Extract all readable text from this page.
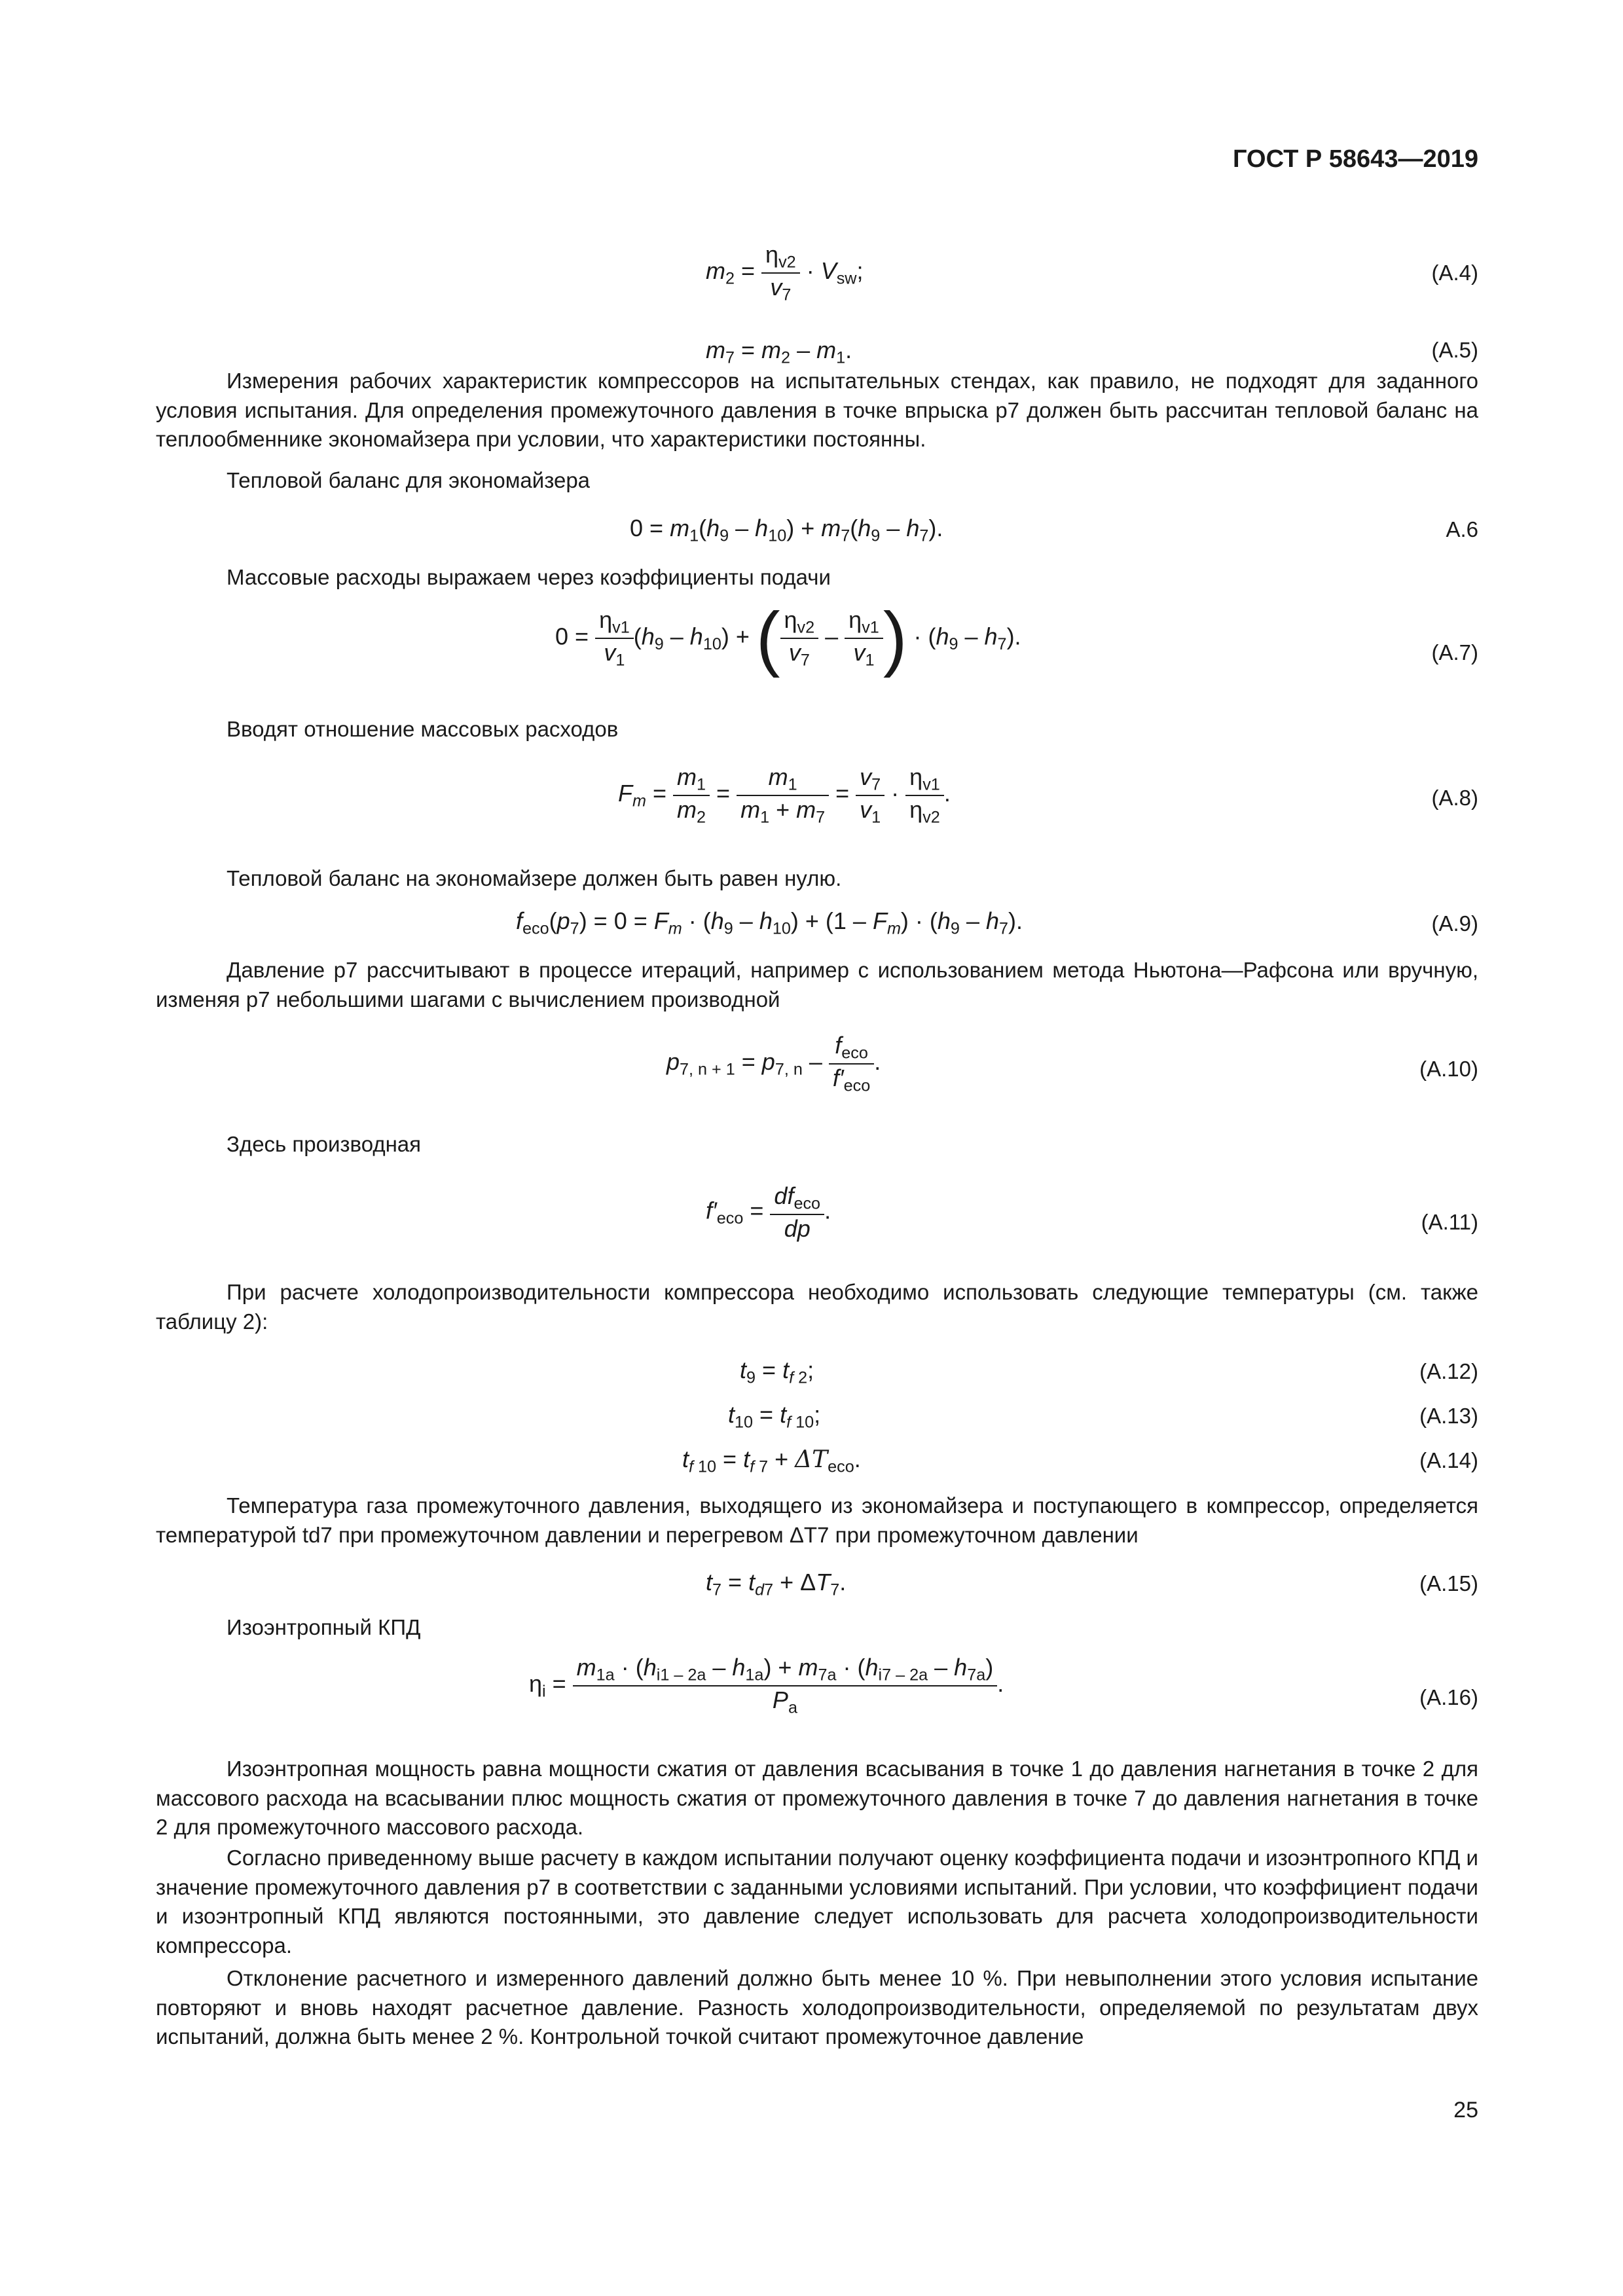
ГОСТ Р 58643—2019
$m_2 = \frac{\eta_{v2}}{v_7} \cdot V_{sw}$;	(A.4)
$m_7 = m_2 - m_1$.	(A.5)

Измерения рабочих характеристик компрессоров на испытательных стендах, как правило, не подходят для заданного условия испытания. Для определения промежуточного давления в точке впрыска p7 должен быть рассчитан тепловой баланс на теплообменнике экономайзера при условии, что характеристики постоянны.

Тепловой баланс для экономайзера

$0 = m_1(h_9 - h_{10}) + m_7(h_9 - h_7)$.	A.6

Массовые расходы выражаем через коэффициенты подачи

$0 = \frac{\eta_{v1}}{v_1} (h_9 - h_{10})$ + ( $\frac{\eta_{v2}}{v_7} - \frac{\eta_{v1}}{v_1}$ ) · $(h_9 - h_7)$.
(A.7)

Вводят отношение массовых расходов

$F_m = \frac{m_1}{m_2} = \frac{m_1}{m_1 + m_7} = \frac{v_7}{v_1} \cdot \frac{\eta_{v1}}{\eta_{v2}}$ .	(A.8)

Тепловой баланс на экономайзере должен быть равен нулю.

$f_{eco}(p_7) = 0 = F_m \cdot (h_9 - h_{10}) + (1 - F_m) \cdot (h_9 - h_7)$.	(A.9)

Давление p7 рассчитывают в процессе итераций, например с использованием метода Ньютона—Рафсона или вручную, изменяя p7 небольшими шагами с вычислением производной

$p_{7, n + 1} = p_{7, n} - \frac{f_{eco}}{f'_{eco}}$ .	(A.10)

Здесь производная

$f'_{eco} = \frac{df_{eco}}{dp}$ .	(A.11)

При расчете холодопроизводительности компрессора необходимо использовать следующие температуры (см. также таблицу 2):

$t_9 = t_{f 2}$;	(A.12)
$t_{10} = t_{f 10}$;	(A.13)
$t_{f 10} = t_{f 7} + \Delta T_{eco}$.	(A.14)

Температура газа промежуточного давления, выходящего из экономайзера и поступающего в компрессор, определяется температурой td7 при промежуточном давлении и перегревом ΔT7 при промежуточном давлении

$t_7 = t_{d7} + \Delta T_7$.	(A.15)

Изоэнтропный КПД

$\eta_i = \frac{m_{1a} \cdot (h_{i1 - 2a} - h_{1a}) + m_{7a} \cdot (h_{i7 - 2a} - h_{7a})}{P_a}$ .
(A.16)

Изоэнтропная мощность равна мощности сжатия от давления всасывания в точке 1 до давления нагнетания в точке 2 для массового расхода на всасывании плюс мощность сжатия от промежуточного давления в точке 7 до давления нагнетания в точке 2 для промежуточного массового расхода.

Согласно приведенному выше расчету в каждом испытании получают оценку коэффициента подачи и изоэнтропного КПД и значение промежуточного давления p7 в соответствии с заданными условиями испытаний. При условии, что коэффициент подачи и изоэнтропный КПД являются постоянными, это давление следует использовать для расчета холодопроизводительности компрессора.

Отклонение расчетного и измеренного давлений должно быть менее 10 %. При невыполнении этого условия испытание повторяют и вновь находят расчетное давление. Разность холодопроизводительности, определяемой по результатам двух испытаний, должна быть менее 2 %. Контрольной точкой считают промежуточное давление

25
